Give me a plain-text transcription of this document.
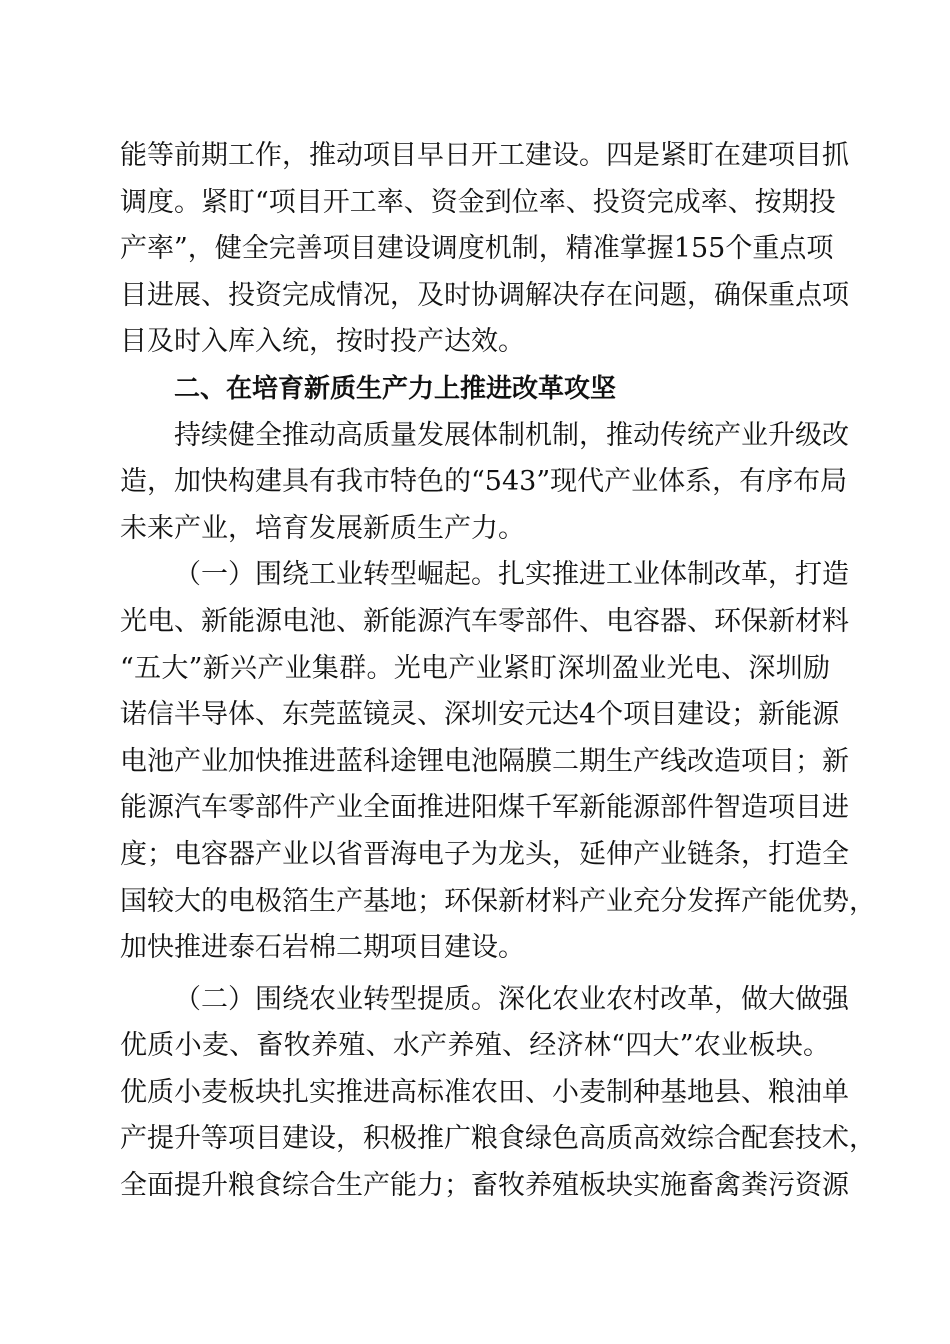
能等前期工作，推动项目早日开工建设。四是紧盯在建项目抓
调度。紧盯“项目开工率、资金到位率、投资完成率、按期投
产率”，健全完善项目建设调度机制，精准掌握155个重点项
目进展、投资完成情况，及时协调解决存在问题，确保重点项
目及时入库入统，按时投产达效。
二、在培育新质生产力上推进改革攻坚
持续健全推动高质量发展体制机制，推动传统产业升级改
造，加快构建具有我市特色的“543”现代产业体系，有序布局
未来产业，培育发展新质生产力。
（一）围绕工业转型崛起。扎实推进工业体制改革，打造
光电、新能源电池、新能源汽车零部件、电容器、环保新材料
“五大”新兴产业集群。光电产业紧盯深圳盈业光电、深圳励
诺信半导体、东莞蓝镜灵、深圳安元达4个项目建设；新能源
电池产业加快推进蓝科途锂电池隔膜二期生产线改造项目；新
能源汽车零部件产业全面推进阳煤千军新能源部件智造项目进
度；电容器产业以省晋海电子为龙头，延伸产业链条，打造全
国较大的电极箔生产基地；环保新材料产业充分发挥产能优势，
加快推进泰石岩棉二期项目建设。
（二）围绕农业转型提质。深化农业农村改革，做大做强
优质小麦、畜牧养殖、水产养殖、经济林“四大”农业板块。
优质小麦板块扎实推进高标准农田、小麦制种基地县、粮油单
产提升等项目建设，积极推广粮食绿色高质高效综合配套技术，
全面提升粮食综合生产能力；畜牧养殖板块实施畜禽粪污资源
